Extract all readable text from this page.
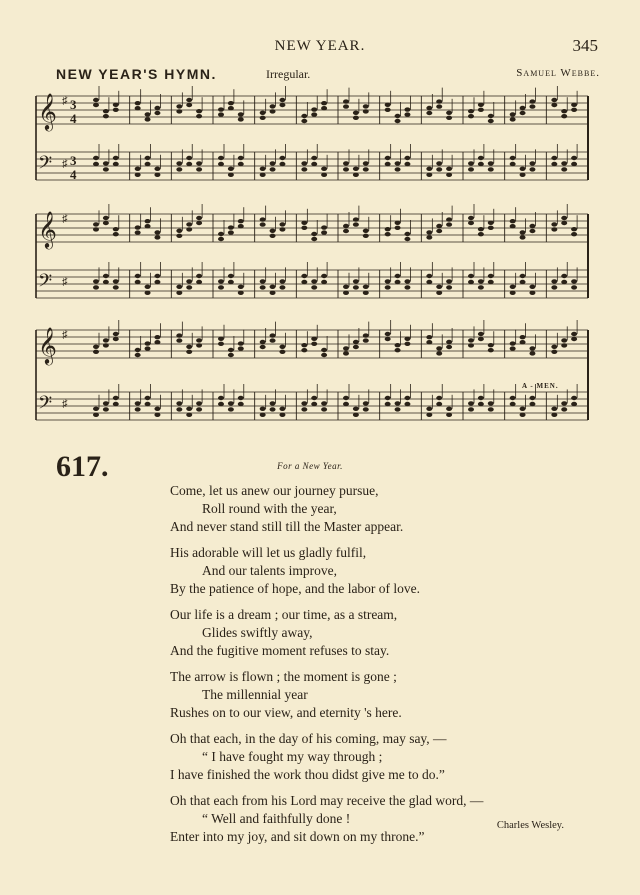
NEW YEAR.	345
NEW YEAR'S HYMN.	Irregular.	Samuel Webbe.
𝄞 ♯
𝄢 ♯
3
4
3
4
𝄞 ♯
𝄢 ♯
𝄞 ♯
𝄢 ♯
A - MEN.
617.	For a New Year.
Come, let us anew our journey pursue,
Roll round with the year,
And never stand still till the Master appear.
His adorable will let us gladly fulfil,
And our talents improve,
By the patience of hope, and the labor of love.
Our life is a dream ; our time, as a stream,
Glides swiftly away,
And the fugitive moment refuses to stay.
The arrow is flown ; the moment is gone ;
The millennial year
Rushes on to our view, and eternity 's here.
Oh that each, in the day of his coming, may say, —
“ I have fought my way through ;
I have finished the work thou didst give me to do.”
Oh that each from his Lord may receive the glad word, —
“ Well and faithfully done !
Enter into my joy, and sit down on my throne.”
Charles Wesley.
